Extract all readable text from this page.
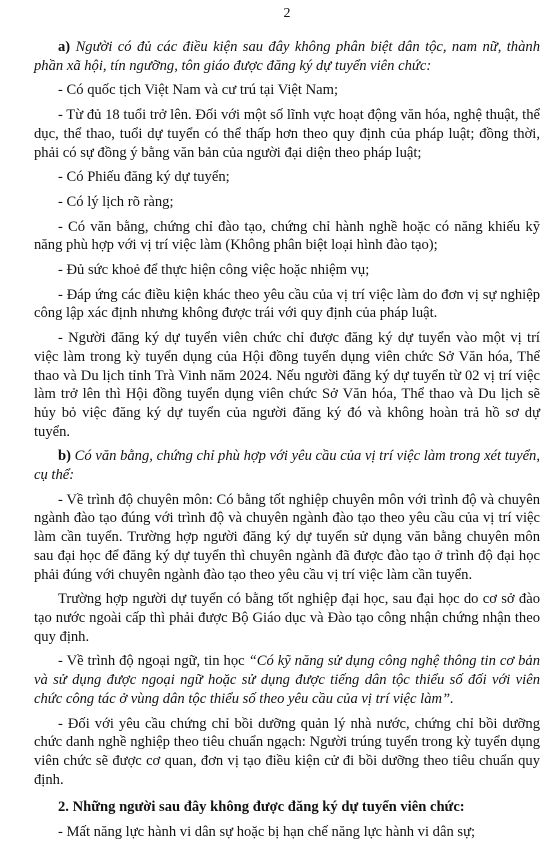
2

a) Người có đủ các điều kiện sau đây không phân biệt dân tộc, nam nữ, thành phần xã hội, tín ngưỡng, tôn giáo được đăng ký dự tuyển viên chức:

- Có quốc tịch Việt Nam và cư trú tại Việt Nam;

- Từ đủ 18 tuổi trở lên. Đối với một số lĩnh vực hoạt động văn hóa, nghệ thuật, thể dục, thể thao, tuổi dự tuyển có thể thấp hơn theo quy định của pháp luật; đồng thời, phải có sự đồng ý bằng văn bản của người đại diện theo pháp luật;

- Có Phiếu đăng ký dự tuyển;

- Có lý lịch rõ ràng;

- Có văn bằng, chứng chỉ đào tạo, chứng chỉ hành nghề hoặc có năng khiếu kỹ năng phù hợp với vị trí việc làm (Không phân biệt loại hình đào tạo);

- Đủ sức khoẻ để thực hiện công việc hoặc nhiệm vụ;

- Đáp ứng các điều kiện khác theo yêu cầu của vị trí việc làm do đơn vị sự nghiệp công lập xác định nhưng không được trái với quy định của pháp luật.

- Người đăng ký dự tuyển viên chức chỉ được đăng ký dự tuyển vào một vị trí việc làm trong kỳ tuyển dụng của Hội đồng tuyển dụng viên chức Sở Văn hóa, Thể thao và Du lịch tỉnh Trà Vinh năm 2024. Nếu người đăng ký dự tuyển từ 02 vị trí việc làm trở lên thì Hội đồng tuyển dụng viên chức Sở Văn hóa, Thể thao và Du lịch sẽ hủy bỏ việc đăng ký dự tuyển của người đăng ký đó và không hoàn trả hồ sơ dự tuyển.

b) Có văn bằng, chứng chỉ phù hợp với yêu cầu của vị trí việc làm trong xét tuyển, cụ thể:

- Về trình độ chuyên môn: Có bằng tốt nghiệp chuyên môn với trình độ và chuyên ngành đào tạo đúng với trình độ và chuyên ngành đào tạo theo yêu cầu của vị trí việc làm cần tuyển. Trường hợp người đăng ký dự tuyển sử dụng văn bằng chuyên môn sau đại học để đăng ký dự tuyển thì chuyên ngành đã được đào tạo ở trình độ đại học phải đúng với chuyên ngành đào tạo theo yêu cầu vị trí việc làm cần tuyển.

Trường hợp người dự tuyển có bằng tốt nghiệp đại học, sau đại học do cơ sở đào tạo nước ngoài cấp thì phải được Bộ Giáo dục và Đào tạo công nhận chứng nhận theo quy định.

- Về trình độ ngoại ngữ, tin học “Có kỹ năng sử dụng công nghệ thông tin cơ bản và sử dụng được ngoại ngữ hoặc sử dụng được tiếng dân tộc thiểu số đối với viên chức công tác ở vùng dân tộc thiểu số theo yêu cầu của vị trí việc làm”.

- Đối với yêu cầu chứng chỉ bồi dưỡng quản lý nhà nước, chứng chỉ bồi dưỡng chức danh nghề nghiệp theo tiêu chuẩn ngạch: Người trúng tuyển trong kỳ tuyển dụng viên chức sẽ được cơ quan, đơn vị tạo điều kiện cử đi bồi dưỡng theo tiêu chuẩn quy định.

2. Những người sau đây không được đăng ký dự tuyển viên chức:

- Mất năng lực hành vi dân sự hoặc bị hạn chế năng lực hành vi dân sự;
